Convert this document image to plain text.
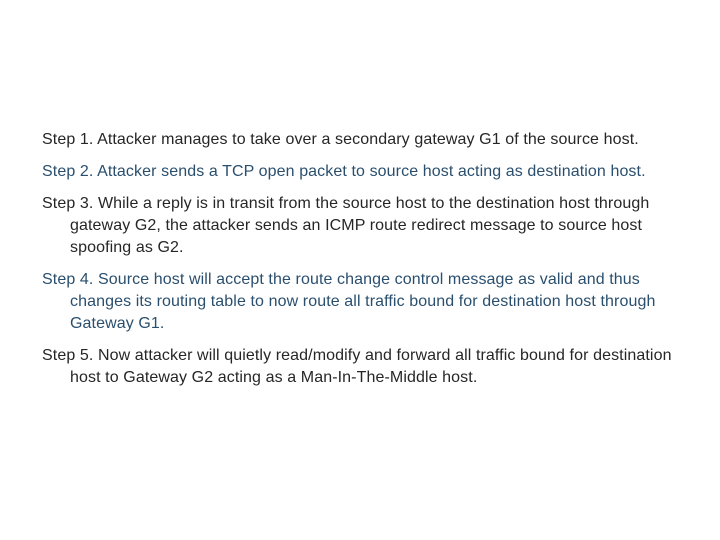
Step 1. Attacker manages to take over a secondary gateway G1 of the source host.
Step 2. Attacker sends a TCP open packet to source host acting as destination host.
Step 3. While a reply is in transit from the source host to the destination host through gateway G2, the attacker sends an ICMP route redirect message to source host spoofing as G2.
Step 4. Source host will accept the route change control message as valid and thus changes its routing table to now route all traffic bound for destination host through Gateway G1.
Step 5. Now attacker will quietly read/modify and forward all traffic bound for destination host to Gateway G2 acting as a Man-In-The-Middle host.
